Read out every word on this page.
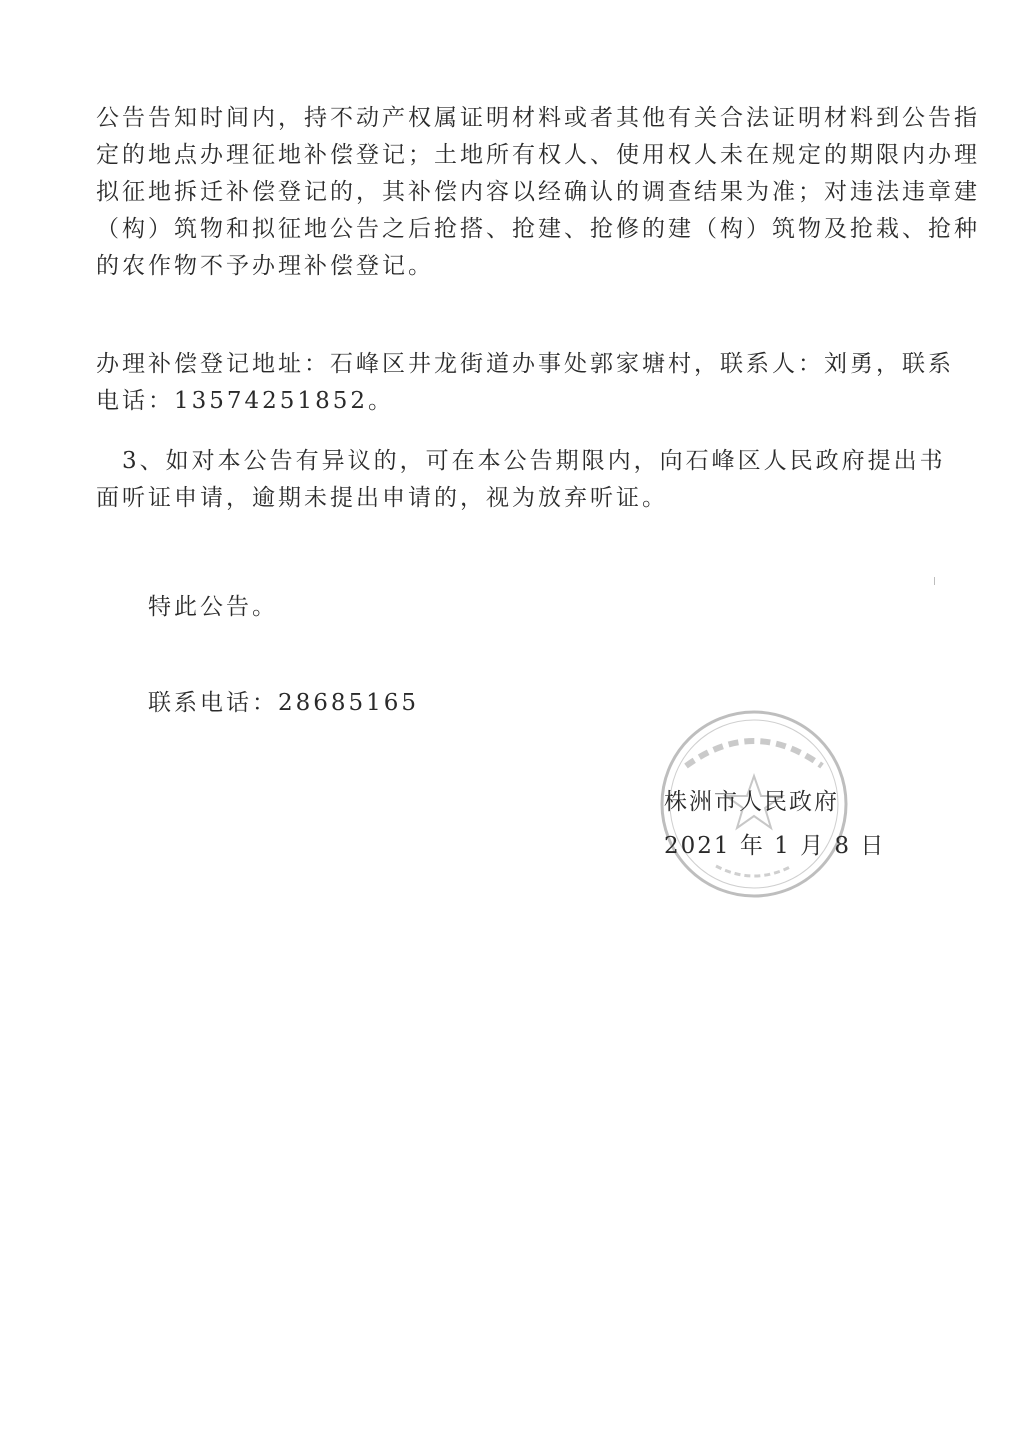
公告告知时间内，持不动产权属证明材料或者其他有关合法证明材料到公告指
定的地点办理征地补偿登记；土地所有权人、使用权人未在规定的期限内办理
拟征地拆迁补偿登记的，其补偿内容以经确认的调查结果为准；对违法违章建
（构）筑物和拟征地公告之后抢搭、抢建、抢修的建（构）筑物及抢栽、抢种
的农作物不予办理补偿登记。
办理补偿登记地址：石峰区井龙街道办事处郭家塘村，联系人：刘勇，联系
电话：13574251852。
　3、如对本公告有异议的，可在本公告期限内，向石峰区人民政府提出书
面听证申请，逾期未提出申请的，视为放弃听证。
特此公告。
联系电话：28685165
株洲市人民政府
2021 年 1 月 8 日
